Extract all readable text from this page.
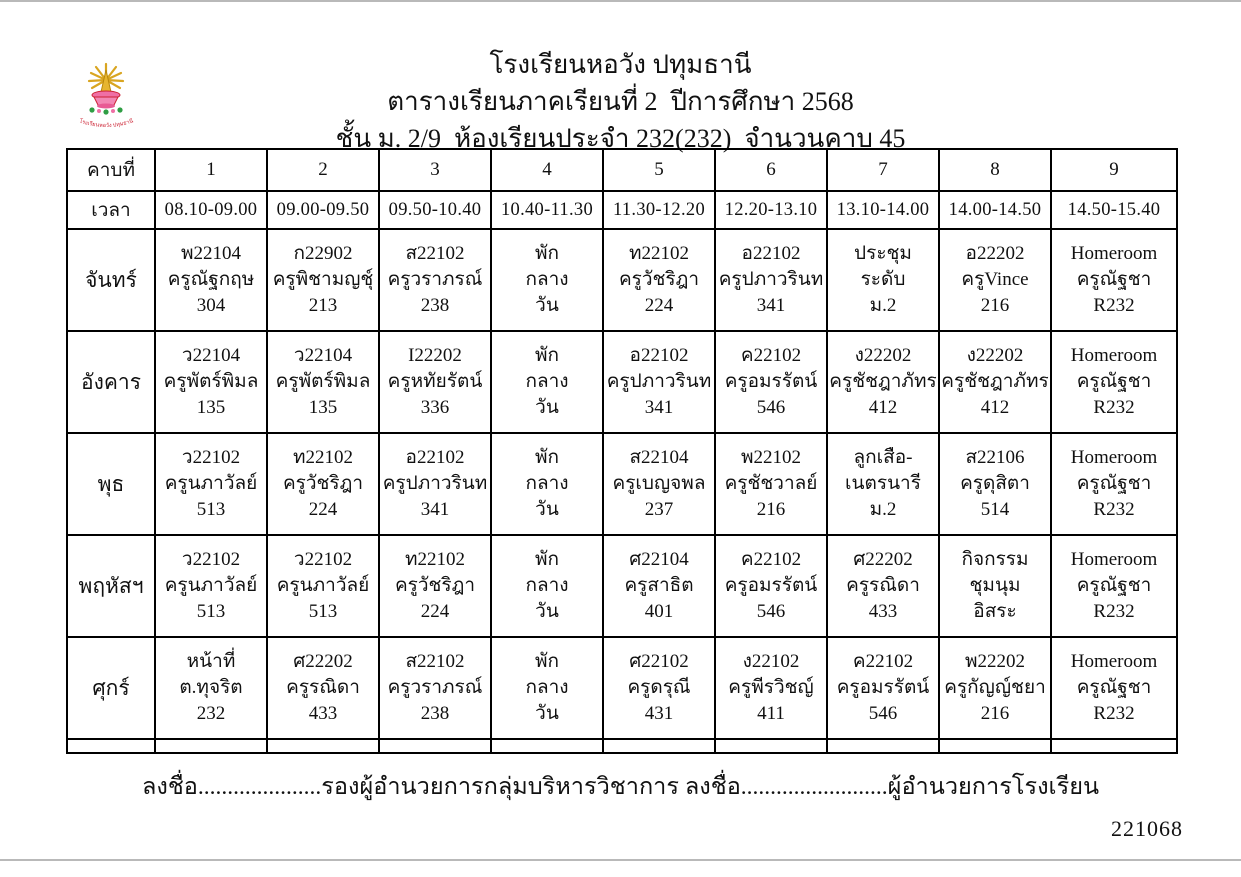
โรงเรียนหอวัง ปทุมธานี
โรงเรียนหอวัง ปทุมธานี
ตารางเรียนภาคเรียนที่ 2  ปีการศึกษา 2568
ชั้น ม. 2/9  ห้องเรียนประจำ 232(232)  จำนวนคาบ 45
คาบที่	1	2	3	4	5	6	7	8	9
เวลา	08.10-09.00	09.00-09.50	09.50-10.40	10.40-11.30	11.30-12.20	12.20-13.10	13.10-14.00	14.00-14.50	14.50-15.40
จันทร์	พ22104
ครูณัฐกฤษ
304	ก22902
ครูพิชามญชุ์
213	ส22102
ครูวราภรณ์
238	พัก
กลาง
วัน	ท22102
ครูวัชริฎา
224	อ22102
ครูปภาวรินท
341	ประชุม
ระดับ
ม.2	อ22202
ครูVince
216	Homeroom
ครูณัฐชา
R232

อังคาร	ว22104
ครูพัตร์พิมล
135	ว22104
ครูพัตร์พิมล
135	I22202
ครูหทัยรัตน์
336	พัก
กลาง
วัน	อ22102
ครูปภาวรินท
341	ค22102
ครูอมรรัตน์
546	ง22202
ครูชัชฎาภัทร
412	ง22202
ครูชัชฎาภัทร
412	Homeroom
ครูณัฐชา
R232

พุธ	ว22102
ครูนภาวัลย์
513	ท22102
ครูวัชริฎา
224	อ22102
ครูปภาวรินท
341	พัก
กลาง
วัน	ส22104
ครูเบญจพล
237	พ22102
ครูชัชวาลย์
216	ลูกเสือ-
เนตรนารี
ม.2	ส22106
ครูดุสิตา
514	Homeroom
ครูณัฐชา
R232

พฤหัสฯ	ว22102
ครูนภาวัลย์
513	ว22102
ครูนภาวัลย์
513	ท22102
ครูวัชริฎา
224	พัก
กลาง
วัน	ศ22104
ครูสาธิต
401	ค22102
ครูอมรรัตน์
546	ศ22202
ครูรณิดา
433	กิจกรรม
ชุมนุม
อิสระ	Homeroom
ครูณัฐชา
R232

ศุกร์	หน้าที่
ต.ทุจริต
232	ศ22202
ครูรณิดา
433	ส22102
ครูวราภรณ์
238	พัก
กลาง
วัน	ศ22102
ครูดรุณี
431	ง22102
ครูพีรวิชญ์
411	ค22102
ครูอมรรัตน์
546	พ22202
ครูกัญญ์ชยา
216	Homeroom
ครูณัฐชา
R232

ลงชื่อ.....................รองผู้อำนวยการกลุ่มบริหารวิชาการ ลงชื่อ.........................ผู้อำนวยการโรงเรียน
221068
